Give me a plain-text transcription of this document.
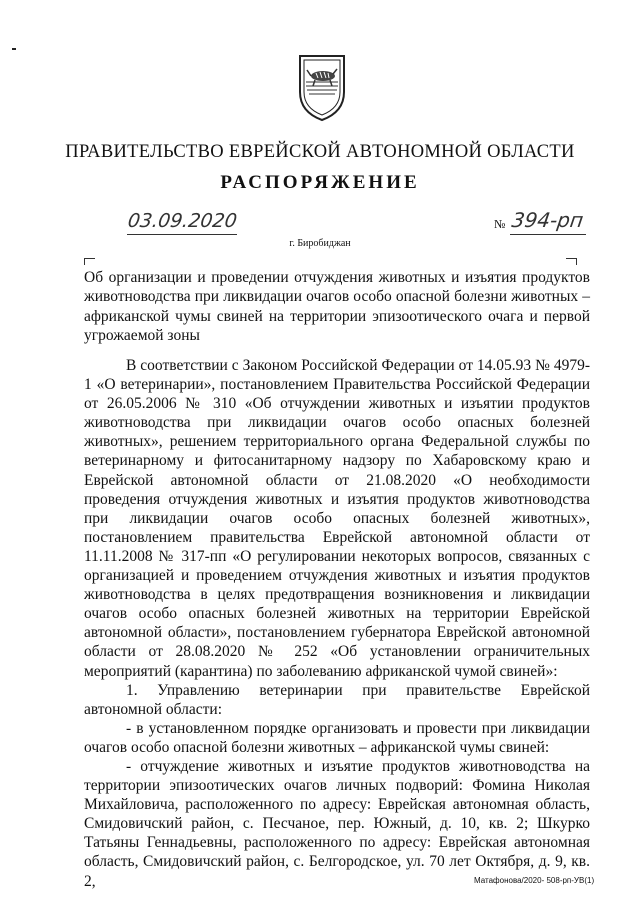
ПРАВИТЕЛЬСТВО ЕВРЕЙСКОЙ АВТОНОМНОЙ ОБЛАСТИ
РАСПОРЯЖЕНИЕ
03.09.2020	№ 394-рп
г. Биробиджан
Об организации и проведении отчуждения животных и изъятия продуктов животноводства при ликвидации очагов особо опасной болезни животных – африканской чумы свиней на территории эпизоотического очага и первой угрожаемой зоны

В соответствии с Законом Российской Федерации от 14.05.93 № 4979-1 «О ветеринарии», постановлением Правительства Российской Федерации от 26.05.2006 № 310 «Об отчуждении животных и изъятии продуктов животноводства при ликвидации очагов особо опасных болезней животных», решением территориального органа Федеральной службы по ветеринарному и фитосанитарному надзору по Хабаровскому краю и Еврейской автономной области от 21.08.2020 «О необходимости проведения отчуждения животных и изъятия продуктов животноводства при ликвидации очагов особо опасных болезней животных», постановлением правительства Еврейской автономной области от 11.11.2008 № 317-пп «О регулировании некоторых вопросов, связанных с организацией и проведением отчуждения животных и изъятия продуктов животноводства в целях предотвращения возникновения и ликвидации очагов особо опасных болезней животных на территории Еврейской автономной области», постановлением губернатора Еврейской автономной области от 28.08.2020 № 252 «Об установлении ограничительных мероприятий (карантина) по заболеванию африканской чумой свиней»:

1. Управлению ветеринарии при правительстве Еврейской автономной области:

- в установленном порядке организовать и провести при ликвидации очагов особо опасной болезни животных – африканской чумы свиней:

- отчуждение животных и изъятие продуктов животноводства на территории эпизоотических очагов личных подворий: Фомина Николая Михайловича, расположенного по адресу: Еврейская автономная область, Смидовичский район, с. Песчаное, пер. Южный, д. 10, кв. 2; Шкурко Татьяны Геннадьевны, расположенного по адресу: Еврейская автономная область, Смидовичский район, с. Белгородское, ул. 70 лет Октября, д. 9, кв. 2,	Матафонова/2020- 508-рп-УВ(1)
